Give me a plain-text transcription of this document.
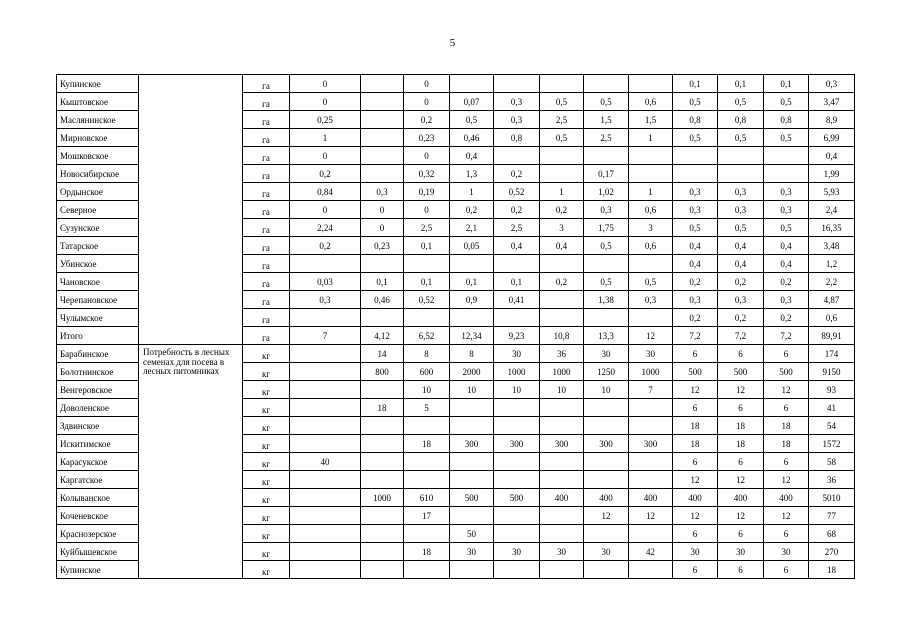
5
Купинское		га	0		0						0,1	0,1	0,1	0,3
Кыштовское		га	0		0	0,07	0,3	0,5	0,5	0,6	0,5	0,5	0,5	3,47
Маслянинское		га	0,25		0,2	0,5	0,3	2,5	1,5	1,5	0,8	0,8	0,8	8,9
Мирновское		га	1		0,23	0,46	0,8	0,5	2,5	1	0,5	0,5	0,5	6,99
Мошковское		га	0		0	0,4								0,4
Новосибирское		га	0,2		0,32	1,3	0,2		0,17					1,99
Ордынское		га	0,84	0,3	0,19	1	0,52	1	1,02	1	0,3	0,3	0,3	5,93
Северное		га	0	0	0	0,2	0,2	0,2	0,3	0,6	0,3	0,3	0,3	2,4
Сузунское		га	2,24	0	2,5	2,1	2,5	3	1,75	3	0,5	0,5	0,5	16,35
Татарское		га	0,2	0,23	0,1	0,05	0,4	0,4	0,5	0,6	0,4	0,4	0,4	3,48
Убинское		га									0,4	0,4	0,4	1,2
Чановское		га	0,03	0,1	0,1	0,1	0,1	0,2	0,5	0,5	0,2	0,2	0,2	2,2
Черепановское		га	0,3	0,46	0,52	0,9	0,41		1,38	0,3	0,3	0,3	0,3	4,87
Чулымское		га									0,2	0,2	0,2	0,6
Итого		га	7	4,12	6,52	12,34	9,23	10,8	13,3	12	7,2	7,2	7,2	89,91
Барабинское	Потребность в лесных семенах для посева в лесных питомниках	кг		14	8	8	30	36	30	30	6	6	6	174
Болотнинское		кг		800	600	2000	1000	1000	1250	1000	500	500	500	9150
Венгеровское		кг			10	10	10	10	10	7	12	12	12	93
Доволенское		кг		18	5						6	6	6	41
Здвинское		кг									18	18	18	54
Искитимское		кг			18	300	300	300	300	300	18	18	18	1572
Карасукское		кг	40								6	6	6	58
Каргатское		кг									12	12	12	36
Колыванское		кг		1000	610	500	500	400	400	400	400	400	400	5010
Коченевское		кг			17				12	12	12	12	12	77
Краснозерское		кг				50					6	6	6	68
Куйбышевское		кг			18	30	30	30	30	42	30	30	30	270
Купинское		кг									6	6	6	18
